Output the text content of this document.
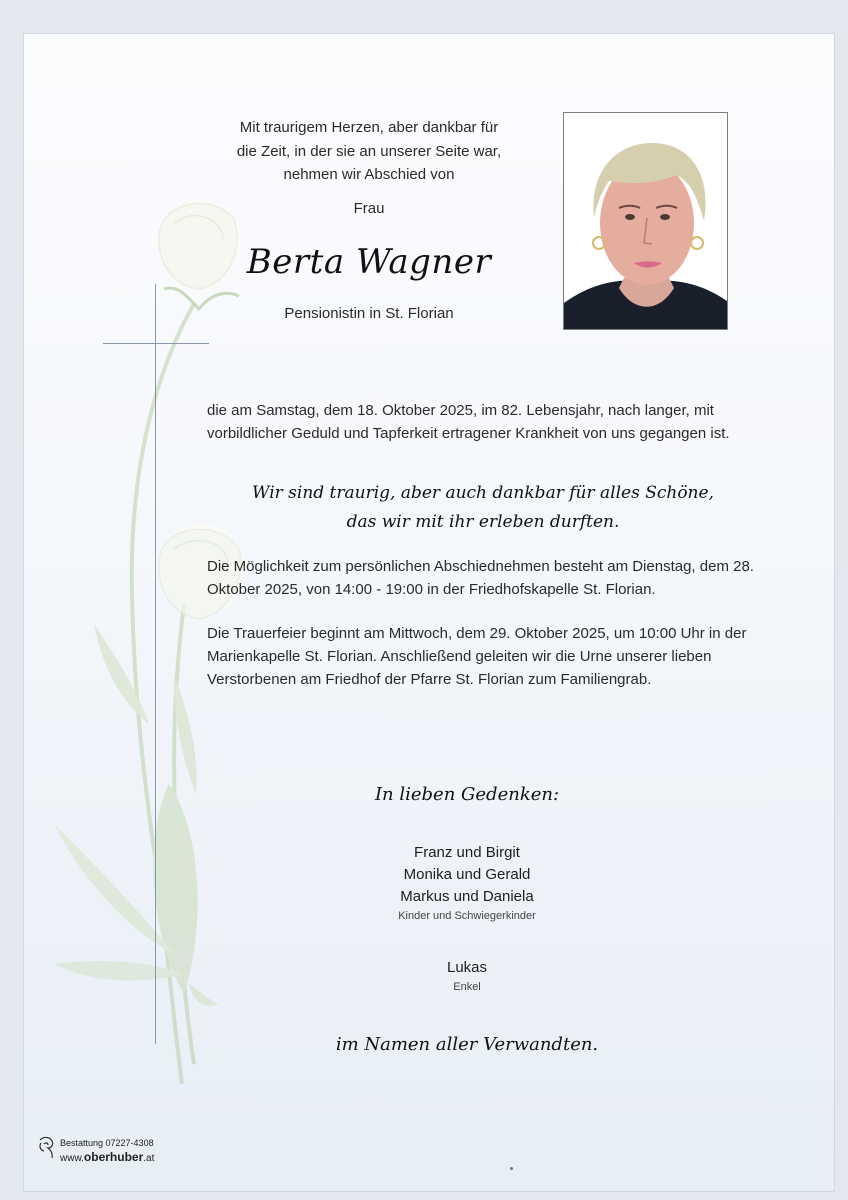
Mit traurigem Herzen, aber dankbar für
die Zeit, in der sie an unserer Seite war,
nehmen wir Abschied von
Frau
Berta Wagner
Pensionistin in St. Florian
die am Samstag, dem 18. Oktober 2025, im 82. Lebensjahr, nach langer, mit vorbildlicher Geduld und Tapferkeit ertragener Krankheit von uns gegangen ist.
Wir sind traurig, aber auch dankbar für alles Schöne,
das wir mit ihr erleben durften.
Die Möglichkeit zum persönlichen Abschiednehmen besteht am Dienstag, dem 28. Oktober 2025, von 14:00 - 19:00 in der Friedhofskapelle St. Florian.
Die Trauerfeier beginnt am Mittwoch, dem 29. Oktober 2025, um 10:00 Uhr in der Marienkapelle St. Florian. Anschließend geleiten wir die Urne unserer lieben Verstorbenen am Friedhof der Pfarre St. Florian zum Familiengrab.
In lieben Gedenken:
Franz und Birgit
Monika und Gerald
Markus und Daniela
Kinder und Schwiegerkinder
Lukas
Enkel
im Namen aller Verwandten.
Bestattung 07227-4308
www.oberhuber.at
